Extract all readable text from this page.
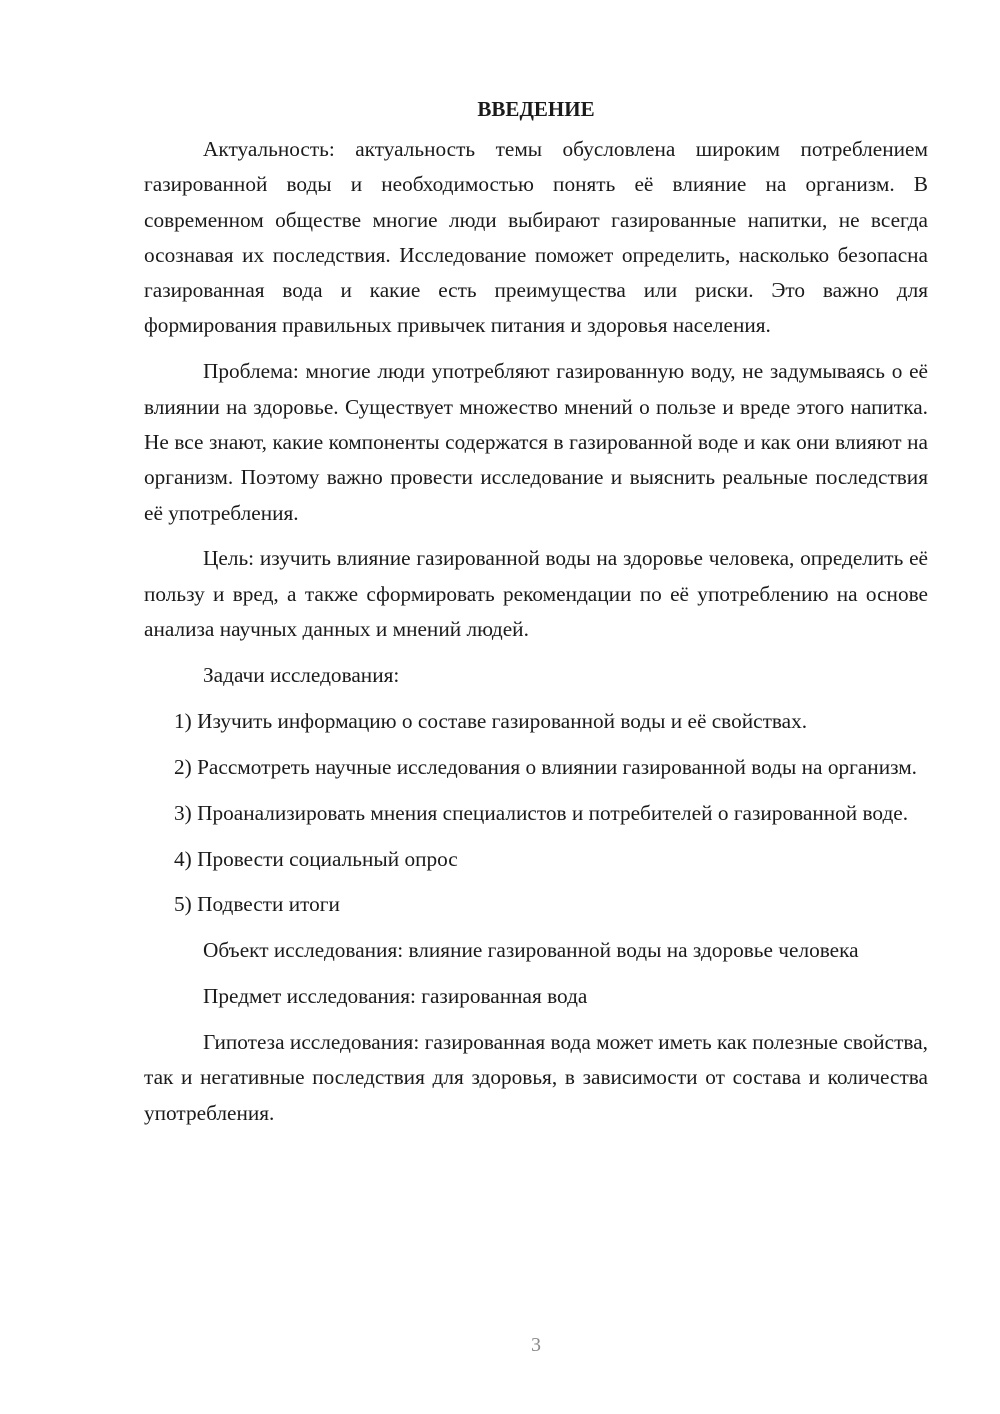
ВВЕДЕНИЕ

Актуальность: актуальность темы обусловлена широким потреблением газированной воды и необходимостью понять её влияние на организм. В современном обществе многие люди выбирают газированные напитки, не всегда осознавая их последствия. Исследование поможет определить, насколько безопасна газированная вода и какие есть преимущества или риски. Это важно для формирования правильных привычек питания и здоровья населения.

Проблема: многие люди употребляют газированную воду, не задумываясь о её влиянии на здоровье. Существует множество мнений о пользе и вреде этого напитка. Не все знают, какие компоненты содержатся в газированной воде и как они влияют на организм. Поэтому важно провести исследование и выяснить реальные последствия её употребления.

Цель: изучить влияние газированной воды на здоровье человека, определить её пользу и вред, а также сформировать рекомендации по её употреблению на основе анализа научных данных и мнений людей.

Задачи исследования:

1) Изучить информацию о составе газированной воды и её свойствах.

2) Рассмотреть научные исследования о влиянии газированной воды на организм.

3) Проанализировать мнения специалистов и потребителей о газированной воде.

4) Провести социальный опрос

5) Подвести итоги

Объект исследования: влияние газированной воды на здоровье человека

Предмет исследования: газированная вода

Гипотеза исследования: газированная вода может иметь как полезные свойства, так и негативные последствия для здоровья, в зависимости от состава и количества употребления.

3
